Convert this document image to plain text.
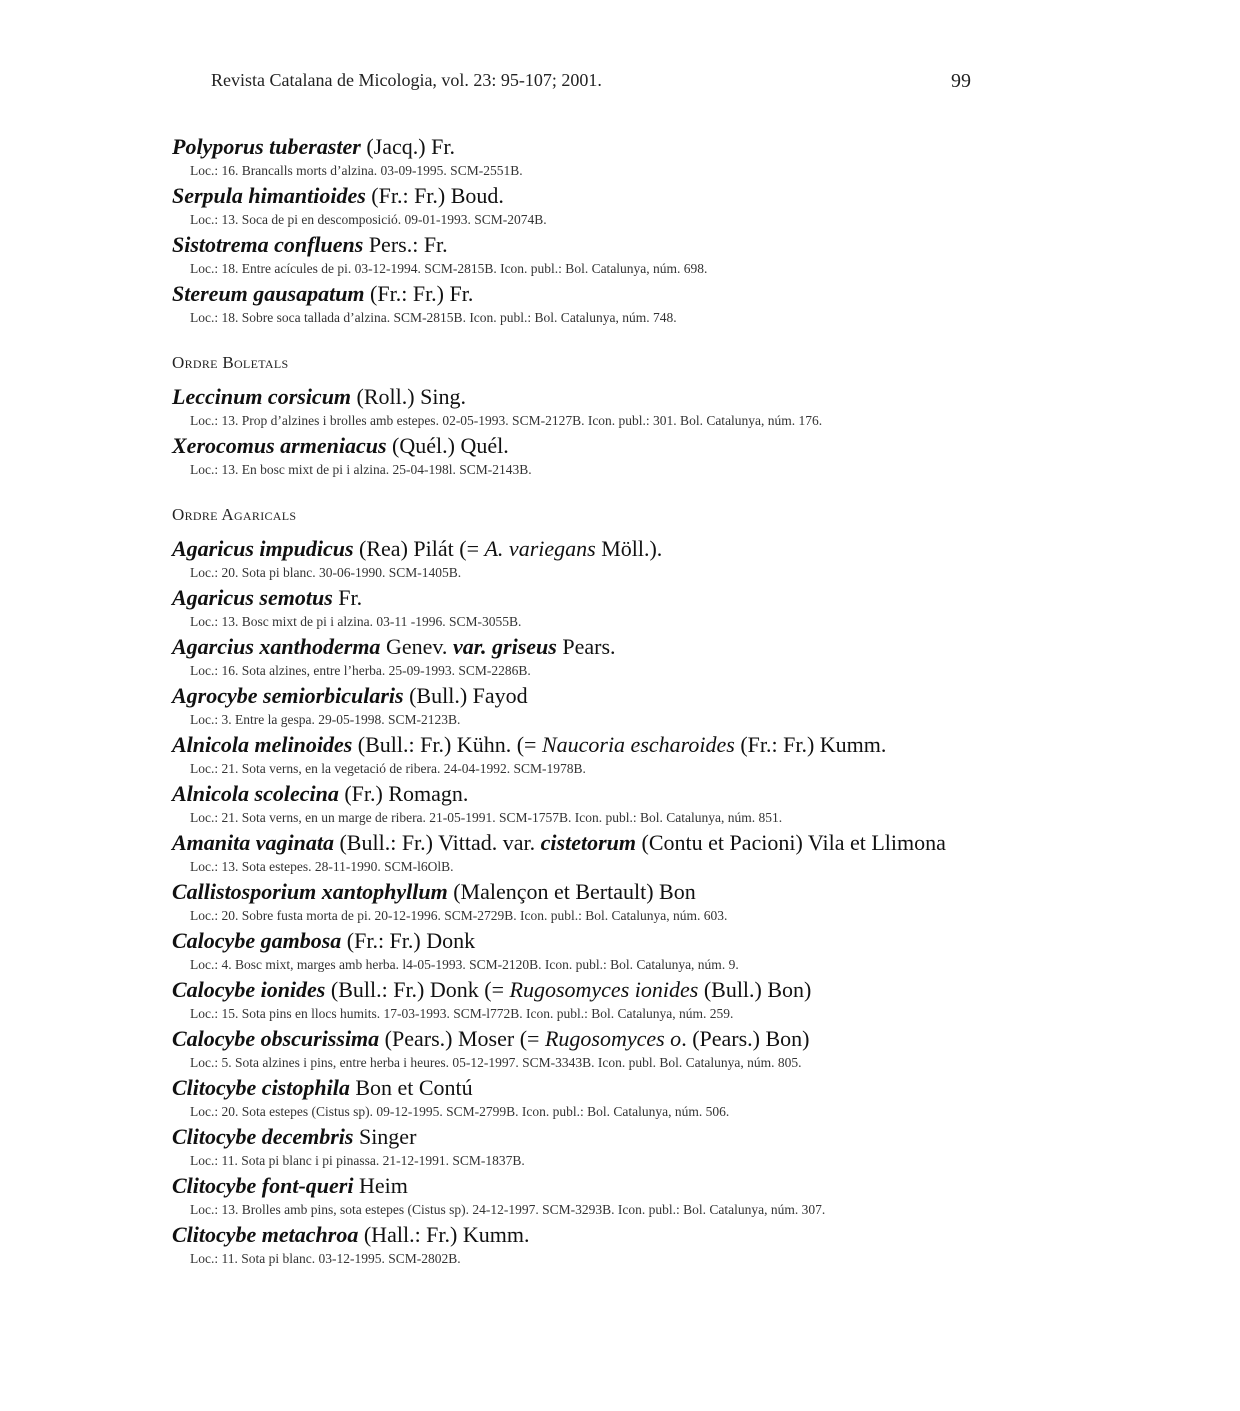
Revista Catalana de Micologia, vol. 23: 95-107; 2001.	99
Polyporus tuberaster (Jacq.) Fr.
Loc.: 16. Brancalls morts d’alzina. 03-09-1995. SCM-2551B.
Serpula himantioides (Fr.: Fr.) Boud.
Loc.: 13. Soca de pi en descomposició. 09-01-1993. SCM-2074B.
Sistotrema confluens Pers.: Fr.
Loc.: 18. Entre acícules de pi. 03-12-1994. SCM-2815B. Icon. publ.: Bol. Catalunya, núm. 698.
Stereum gausapatum (Fr.: Fr.) Fr.
Loc.: 18. Sobre soca tallada d’alzina. SCM-2815B. Icon. publ.: Bol. Catalunya, núm. 748.
Ordre Boletals
Leccinum corsicum (Roll.) Sing.
Loc.: 13. Prop d’alzines i brolles amb estepes. 02-05-1993. SCM-2127B. Icon. publ.: 301. Bol. Catalunya, núm. 176.
Xerocomus armeniacus (Quél.) Quél.
Loc.: 13. En bosc mixt de pi i alzina. 25-04-198l. SCM-2143B.
Ordre Agaricals
Agaricus impudicus (Rea) Pilát (= A. variegans Möll.).
Loc.: 20. Sota pi blanc. 30-06-1990. SCM-1405B.
Agaricus semotus Fr.
Loc.: 13. Bosc mixt de pi i alzina. 03-11 -1996. SCM-3055B.
Agarcius xanthoderma Genev. var. griseus Pears.
Loc.: 16. Sota alzines, entre l’herba. 25-09-1993. SCM-2286B.
Agrocybe semiorbicularis (Bull.) Fayod
Loc.: 3. Entre la gespa. 29-05-1998. SCM-2123B.
Alnicola melinoides (Bull.: Fr.) Kühn. (= Naucoria escharoides (Fr.: Fr.) Kumm.
Loc.: 21. Sota verns, en la vegetació de ribera. 24-04-1992. SCM-1978B.
Alnicola scolecina (Fr.) Romagn.
Loc.: 21. Sota verns, en un marge de ribera. 21-05-1991. SCM-1757B. Icon. publ.: Bol. Catalunya, núm. 851.
Amanita vaginata (Bull.: Fr.) Vittad. var. cistetorum (Contu et Pacioni) Vila et Llimona
Loc.: 13. Sota estepes. 28-11-1990. SCM-l6OlB.
Callistosporium xantophyllum (Malençon et Bertault) Bon
Loc.: 20. Sobre fusta morta de pi. 20-12-1996. SCM-2729B. Icon. publ.: Bol. Catalunya, núm. 603.
Calocybe gambosa (Fr.: Fr.) Donk
Loc.: 4. Bosc mixt, marges amb herba. l4-05-1993. SCM-2120B. Icon. publ.: Bol. Catalunya, núm. 9.
Calocybe ionides (Bull.: Fr.) Donk (= Rugosomyces ionides (Bull.) Bon)
Loc.: 15. Sota pins en llocs humits. 17-03-1993. SCM-l772B. Icon. publ.: Bol. Catalunya, núm. 259.
Calocybe obscurissima (Pears.) Moser (= Rugosomyces o. (Pears.) Bon)
Loc.: 5. Sota alzines i pins, entre herba i heures. 05-12-1997. SCM-3343B. Icon. publ. Bol. Catalunya, núm. 805.
Clitocybe cistophila Bon et Contú
Loc.: 20. Sota estepes (Cistus sp). 09-12-1995. SCM-2799B. Icon. publ.: Bol. Catalunya, núm. 506.
Clitocybe decembris Singer
Loc.: 11. Sota pi blanc i pi pinassa. 21-12-1991. SCM-1837B.
Clitocybe font-queri Heim
Loc.: 13. Brolles amb pins, sota estepes (Cistus sp). 24-12-1997. SCM-3293B. Icon. publ.: Bol. Catalunya, núm. 307.
Clitocybe metachroa (Hall.: Fr.) Kumm.
Loc.: 11. Sota pi blanc. 03-12-1995. SCM-2802B.
